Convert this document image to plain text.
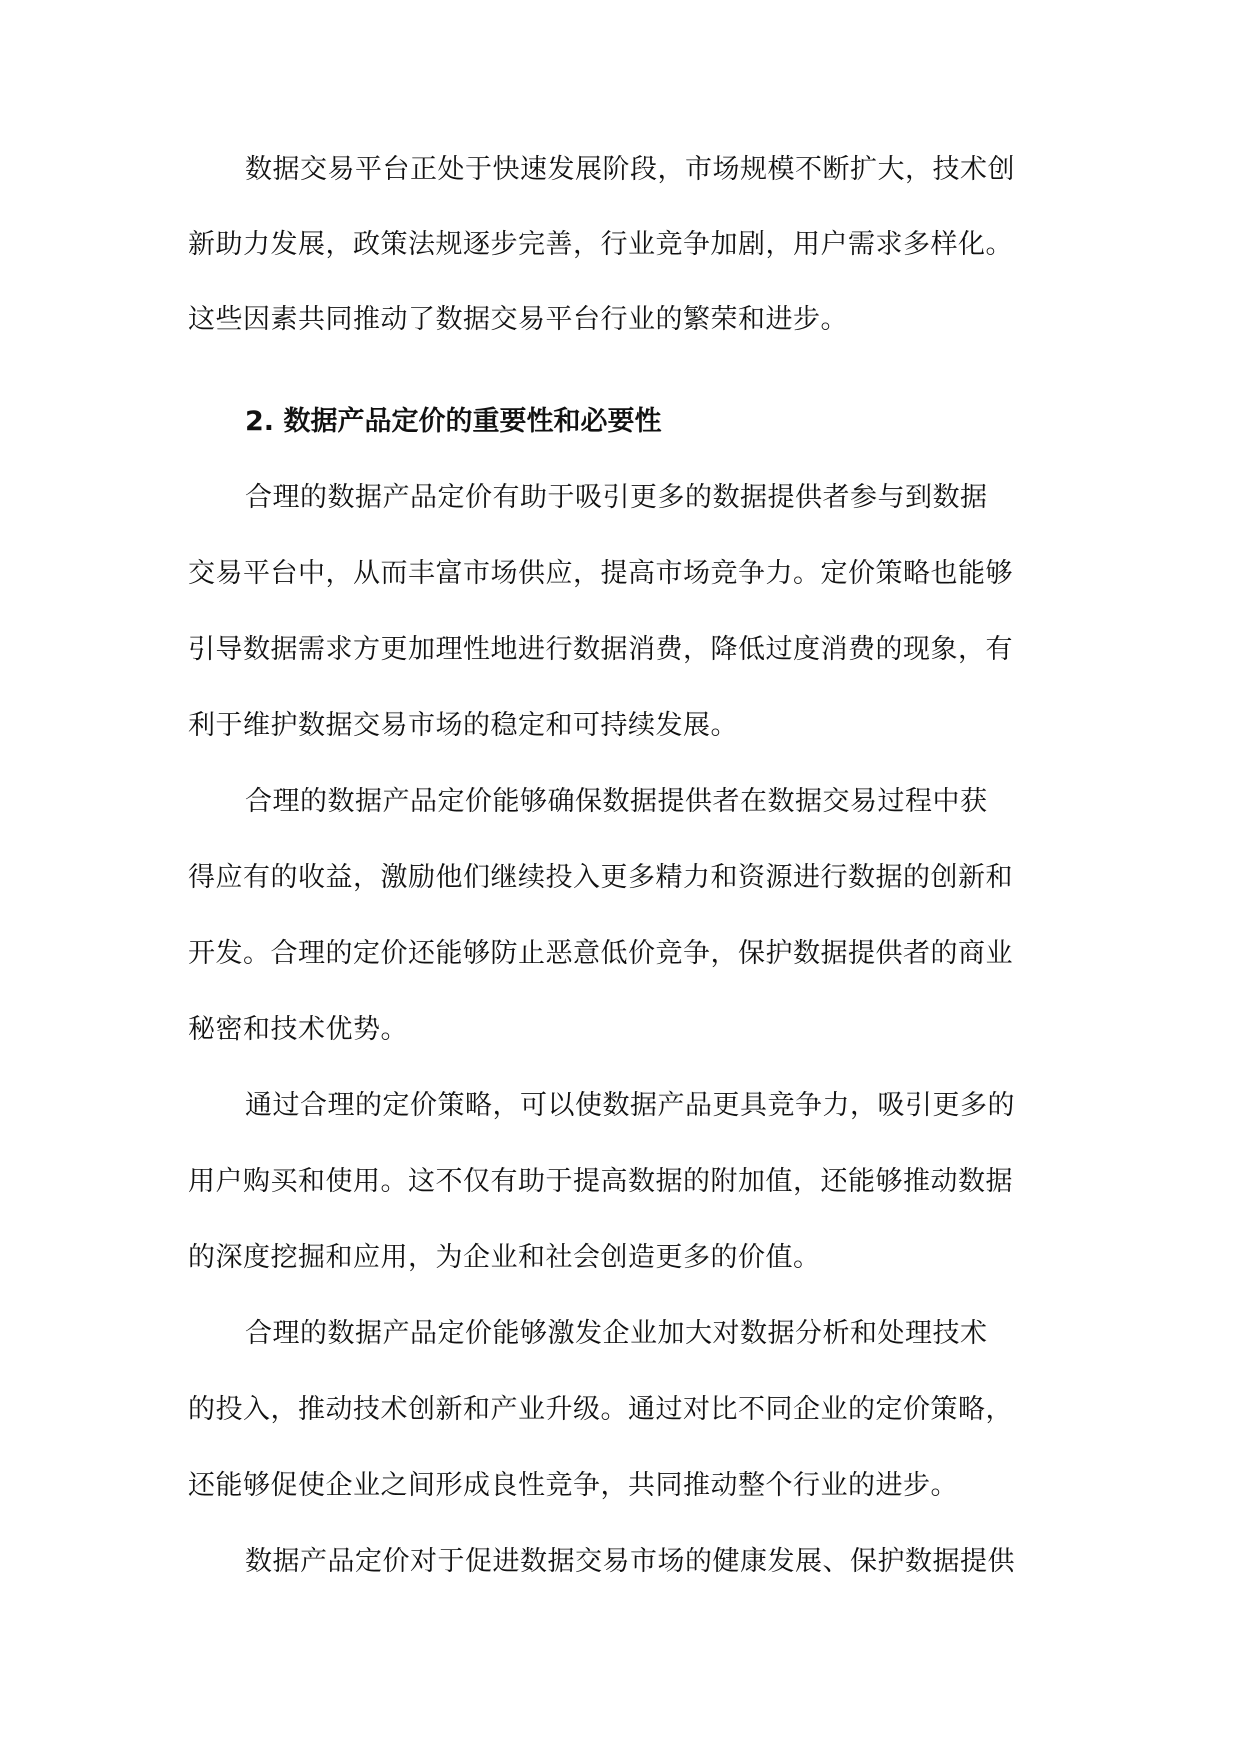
数据交易平台正处于快速发展阶段，市场规模不断扩大，技术创
新助力发展，政策法规逐步完善，行业竞争加剧，用户需求多样化。
这些因素共同推动了数据交易平台行业的繁荣和进步。
2. 数据产品定价的重要性和必要性
合理的数据产品定价有助于吸引更多的数据提供者参与到数据
交易平台中，从而丰富市场供应，提高市场竞争力。定价策略也能够
引导数据需求方更加理性地进行数据消费，降低过度消费的现象，有
利于维护数据交易市场的稳定和可持续发展。
合理的数据产品定价能够确保数据提供者在数据交易过程中获
得应有的收益，激励他们继续投入更多精力和资源进行数据的创新和
开发。合理的定价还能够防止恶意低价竞争，保护数据提供者的商业
秘密和技术优势。
通过合理的定价策略，可以使数据产品更具竞争力，吸引更多的
用户购买和使用。这不仅有助于提高数据的附加值，还能够推动数据
的深度挖掘和应用，为企业和社会创造更多的价值。
合理的数据产品定价能够激发企业加大对数据分析和处理技术
的投入，推动技术创新和产业升级。通过对比不同企业的定价策略，
还能够促使企业之间形成良性竞争，共同推动整个行业的进步。
数据产品定价对于促进数据交易市场的健康发展、保护数据提供
